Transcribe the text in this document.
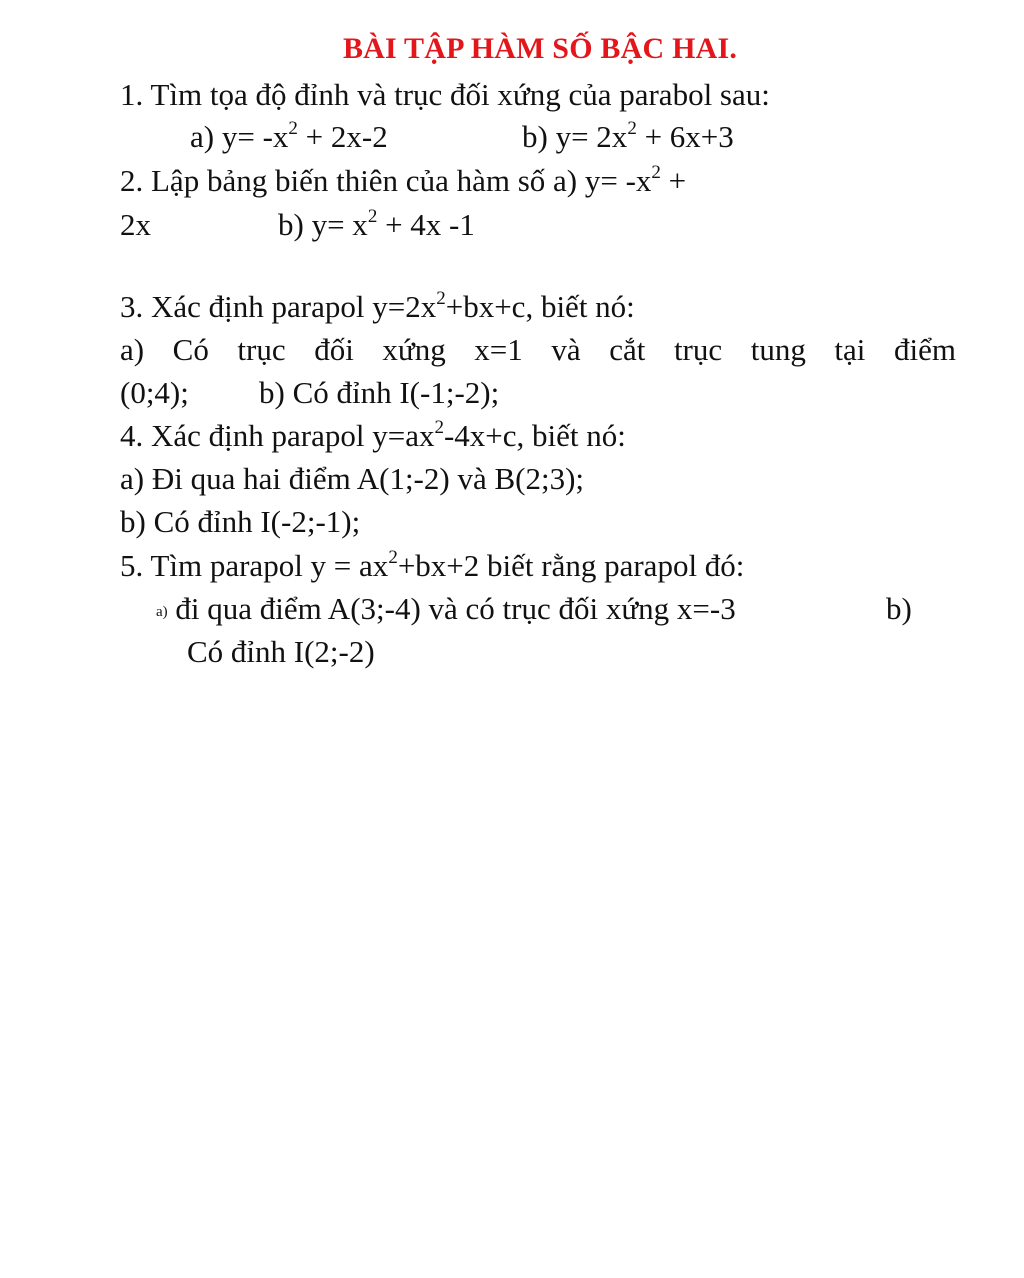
BÀI TẬP HÀM SỐ BẬC HAI.
1. Tìm tọa độ đỉnh và trục đối xứng của parabol sau:
a) $y= -x^2 + 2x-2$	b) $y= 2x^2 + 6x+3$
2. Lập bảng biến thiên của hàm số a) $y= -x^2$ +
2x	b) $y= x^2 + 4x$ -1
3. Xác định parapol $y=2x^2+bx+c$, biết nó:
a) Có trục đối xứng x=1 và cắt trục tung tại điểm
(0;4); b) Có đỉnh I(-1;-2);
4. Xác định parapol $y=ax^2-4x+c$, biết nó:
a) Đi qua hai điểm A(1;-2) và B(2;3);
b) Có đỉnh I(-2;-1);
5. Tìm parapol $y = ax^2+bx+2$ biết rằng parapol đó:
a) đi qua điểm A(3;-4) và có trục đối xứng x=-3	b)
Có đỉnh I(2;-2)
